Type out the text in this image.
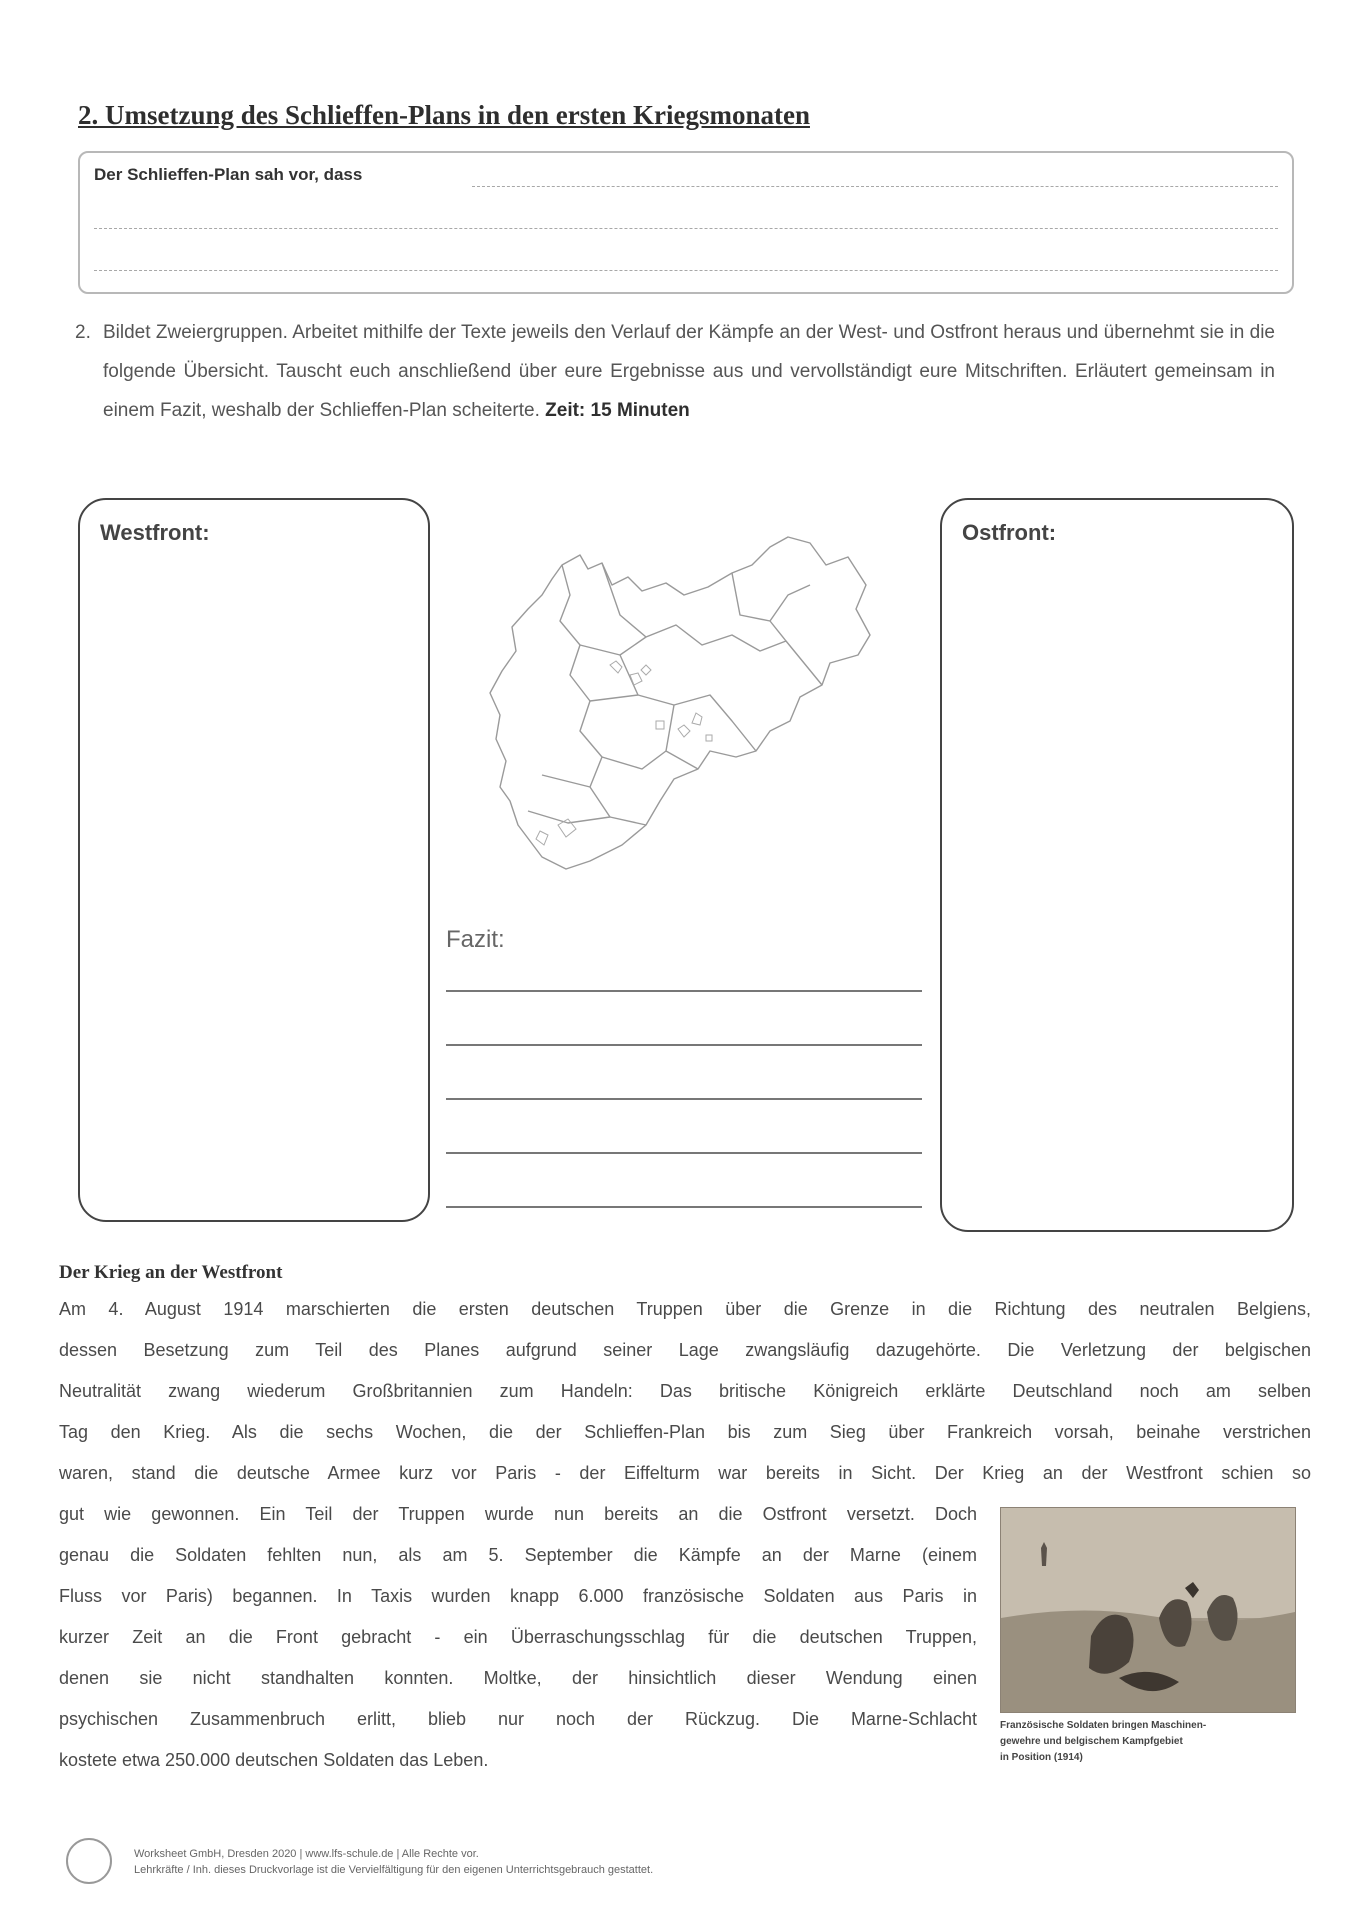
2. Umsetzung des Schlieffen-Plans in den ersten Kriegsmonaten
Der Schlieffen-Plan sah vor, dass
2. Bildet Zweiergruppen. Arbeitet mithilfe der Texte jeweils den Verlauf der Kämpfe an der West- und Ostfront heraus und übernehmt sie in die folgende Übersicht. Tauscht euch anschließend über eure Ergebnisse aus und vervollständigt eure Mitschriften. Erläutert gemeinsam in einem Fazit, weshalb der Schlieffen-Plan scheiterte. Zeit: 15 Minuten
Westfront:	Ostfront:
Fazit:
Der Krieg an der Westfront
Am 4. August 1914 marschierten die ersten deutschen Truppen über die Grenze in die Richtung des neutralen Belgiens,
dessen Besetzung zum Teil des Planes aufgrund seiner Lage zwangsläufig dazugehörte. Die Verletzung der belgischen
Neutralität zwang wiederum Großbritannien zum Handeln: Das britische Königreich erklärte Deutschland noch am selben
Tag den Krieg. Als die sechs Wochen, die der Schlieffen-Plan bis zum Sieg über Frankreich vorsah, beinahe verstrichen
waren, stand die deutsche Armee kurz vor Paris - der Eiffelturm war bereits in Sicht. Der Krieg an der Westfront schien so
gut wie gewonnen. Ein Teil der Truppen wurde nun bereits an die Ostfront versetzt. Doch
genau die Soldaten fehlten nun, als am 5. September die Kämpfe an der Marne (einem
Fluss vor Paris) begannen. In Taxis wurden knapp 6.000 französische Soldaten aus Paris in
kurzer Zeit an die Front gebracht - ein Überraschungsschlag für die deutschen Truppen,
denen sie nicht standhalten konnten. Moltke, der hinsichtlich dieser Wendung einen
psychischen Zusammenbruch erlitt, blieb nur noch der Rückzug. Die Marne-Schlacht
kostete etwa 250.000 deutschen Soldaten das Leben.
Französische Soldaten bringen Maschinen-
gewehre und belgischem Kampfgebiet
in Position (1914)
Worksheet GmbH, Dresden 2020 | www.lfs-schule.de | Alle Rechte vor.
Lehrkräfte / Inh. dieses Druckvorlage ist die Vervielfältigung für den eigenen Unterrichtsgebrauch gestattet.
